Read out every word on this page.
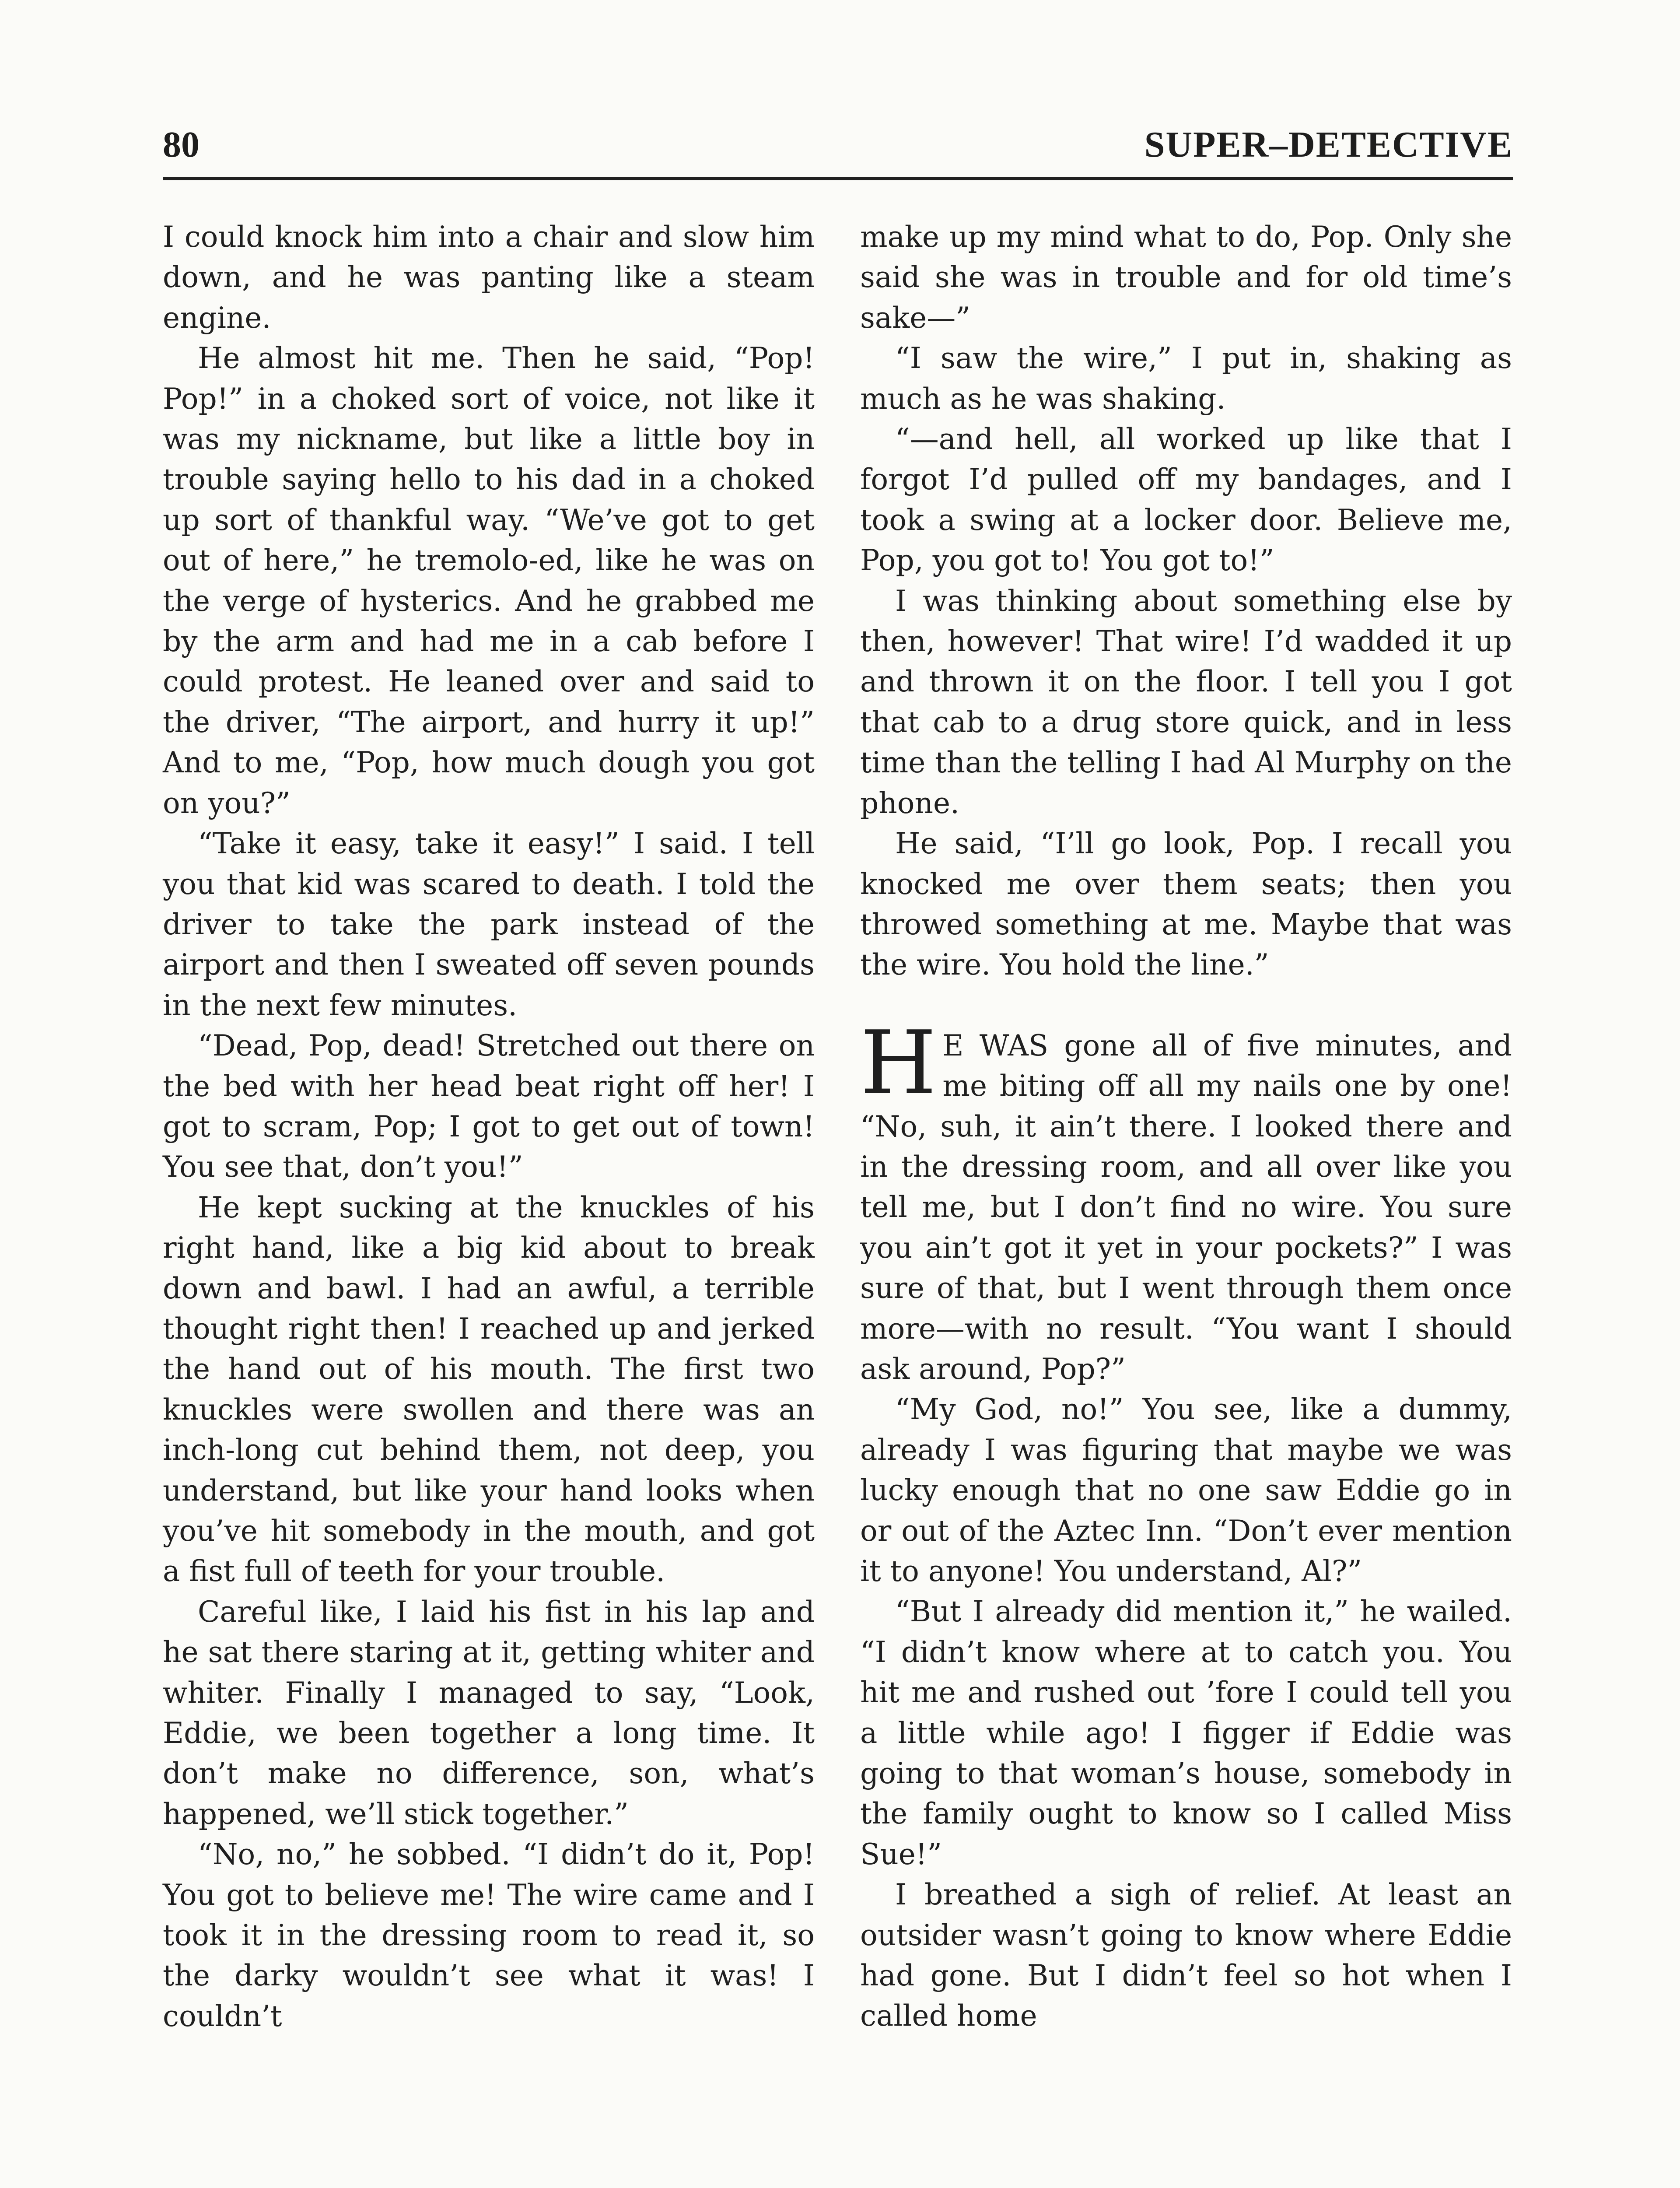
80	SUPER–DETECTIVE

I could knock him into a chair and slow him down, and he was panting like a steam engine.

He almost hit me. Then he said, “Pop! Pop!” in a choked sort of voice, not like it was my nickname, but like a little boy in trouble saying hello to his dad in a choked up sort of thankful way. “We’ve got to get out of here,” he tremolo-ed, like he was on the verge of hysterics. And he grabbed me by the arm and had me in a cab before I could protest. He leaned over and said to the driver, “The airport, and hurry it up!” And to me, “Pop, how much dough you got on you?”

“Take it easy, take it easy!” I said. I tell you that kid was scared to death. I told the driver to take the park instead of the airport and then I sweated off seven pounds in the next few minutes.

“Dead, Pop, dead! Stretched out there on the bed with her head beat right off her! I got to scram, Pop; I got to get out of town! You see that, don’t you!”

He kept sucking at the knuckles of his right hand, like a big kid about to break down and bawl. I had an awful, a terrible thought right then! I reached up and jerked the hand out of his mouth. The first two knuckles were swollen and there was an inch-long cut behind them, not deep, you understand, but like your hand looks when you’ve hit somebody in the mouth, and got a fist full of teeth for your trouble.

Careful like, I laid his fist in his lap and he sat there staring at it, getting whiter and whiter. Finally I managed to say, “Look, Eddie, we been together a long time. It don’t make no difference, son, what’s happened, we’ll stick together.”

“No, no,” he sobbed. “I didn’t do it, Pop! You got to believe me! The wire came and I took it in the dressing room to read it, so the darky wouldn’t see what it was! I couldn’t

make up my mind what to do, Pop. Only she said she was in trouble and for old time’s sake—”

“I saw the wire,” I put in, shaking as much as he was shaking.

“—and hell, all worked up like that I forgot I’d pulled off my bandages, and I took a swing at a locker door. Believe me, Pop, you got to! You got to!”

I was thinking about something else by then, however! That wire! I’d wadded it up and thrown it on the floor. I tell you I got that cab to a drug store quick, and in less time than the telling I had Al Murphy on the phone.

He said, “I’ll go look, Pop. I recall you knocked me over them seats; then you throwed something at me. Maybe that was the wire. You hold the line.”

H E WAS gone all of five minutes, and me biting off all my nails one by one! “No, suh, it ain’t there. I looked there and in the dressing room, and all over like you tell me, but I don’t find no wire. You sure you ain’t got it yet in your pockets?” I was sure of that, but I went through them once more—with no result. “You want I should ask around, Pop?”

“My God, no!” You see, like a dummy, already I was figuring that maybe we was lucky enough that no one saw Eddie go in or out of the Aztec Inn. “Don’t ever mention it to anyone! You understand, Al?”

“But I already did mention it,” he wailed. “I didn’t know where at to catch you. You hit me and rushed out ’fore I could tell you a little while ago! I figger if Eddie was going to that woman’s house, somebody in the family ought to know so I called Miss Sue!”

I breathed a sigh of relief. At least an outsider wasn’t going to know where Eddie had gone. But I didn’t feel so hot when I called home
